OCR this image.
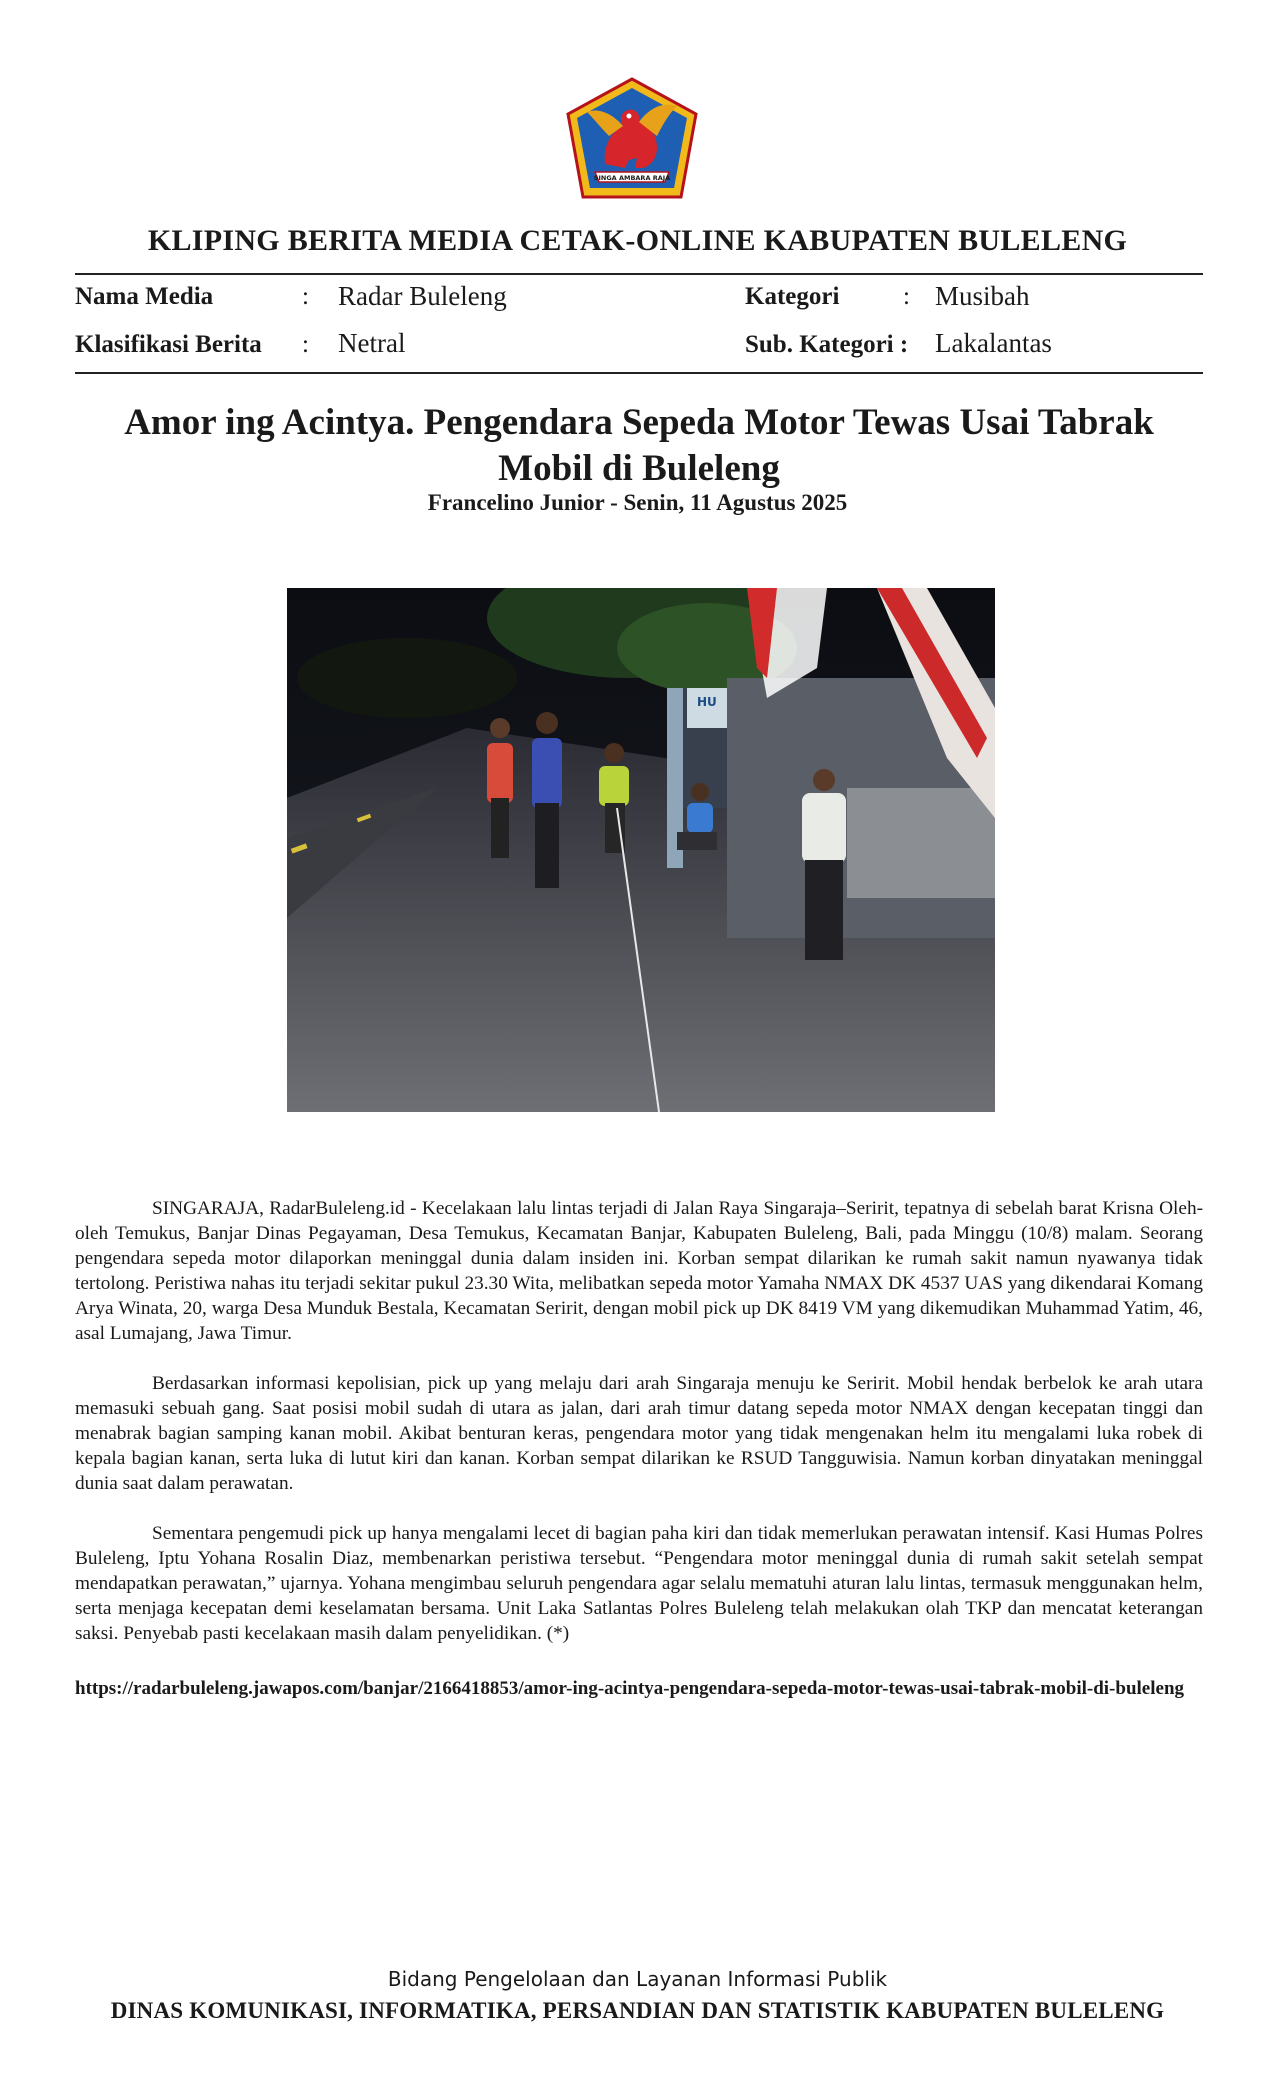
SINGA AMBARA RAJA
KLIPING BERITA MEDIA CETAK-ONLINE KABUPATEN BULELENG
Nama Media	: Radar Buleleng	Kategori	: Musibah
Klasifikasi Berita : Netral	Sub. Kategori : Lakalantas
Amor ing Acintya. Pengendara Sepeda Motor Tewas Usai Tabrak Mobil di Buleleng
Francelino Junior - Senin, 11 Agustus 2025
HU

SINGARAJA, RadarBuleleng.id - Kecelakaan lalu lintas terjadi di Jalan Raya Singaraja–Seririt, tepatnya di sebelah barat Krisna Oleh-oleh Temukus, Banjar Dinas Pegayaman, Desa Temukus, Kecamatan Banjar, Kabupaten Buleleng, Bali, pada Minggu (10/8) malam. Seorang pengendara sepeda motor dilaporkan meninggal dunia dalam insiden ini. Korban sempat dilarikan ke rumah sakit namun nyawanya tidak tertolong. Peristiwa nahas itu terjadi sekitar pukul 23.30 Wita, melibatkan sepeda motor Yamaha NMAX DK 4537 UAS yang dikendarai Komang Arya Winata, 20, warga Desa Munduk Bestala, Kecamatan Seririt, dengan mobil pick up DK 8419 VM yang dikemudikan Muhammad Yatim, 46, asal Lumajang, Jawa Timur.

Berdasarkan informasi kepolisian, pick up yang melaju dari arah Singaraja menuju ke Seririt. Mobil hendak berbelok ke arah utara memasuki sebuah gang. Saat posisi mobil sudah di utara as jalan, dari arah timur datang sepeda motor NMAX dengan kecepatan tinggi dan menabrak bagian samping kanan mobil. Akibat benturan keras, pengendara motor yang tidak mengenakan helm itu mengalami luka robek di kepala bagian kanan, serta luka di lutut kiri dan kanan. Korban sempat dilarikan ke RSUD Tangguwisia. Namun korban dinyatakan meninggal dunia saat dalam perawatan.

Sementara pengemudi pick up hanya mengalami lecet di bagian paha kiri dan tidak memerlukan perawatan intensif. Kasi Humas Polres Buleleng, Iptu Yohana Rosalin Diaz, membenarkan peristiwa tersebut. “Pengendara motor meninggal dunia di rumah sakit setelah sempat mendapatkan perawatan,” ujarnya. Yohana mengimbau seluruh pengendara agar selalu mematuhi aturan lalu lintas, termasuk menggunakan helm, serta menjaga kecepatan demi keselamatan bersama. Unit Laka Satlantas Polres Buleleng telah melakukan olah TKP dan mencatat keterangan saksi. Penyebab pasti kecelakaan masih dalam penyelidikan. (*)

https://radarbuleleng.jawapos.com/banjar/2166418853/amor-ing-acintya-pengendara-sepeda-motor-tewas-usai-tabrak-mobil-di-buleleng
Bidang Pengelolaan dan Layanan Informasi Publik
DINAS KOMUNIKASI, INFORMATIKA, PERSANDIAN DAN STATISTIK KABUPATEN BULELENG
